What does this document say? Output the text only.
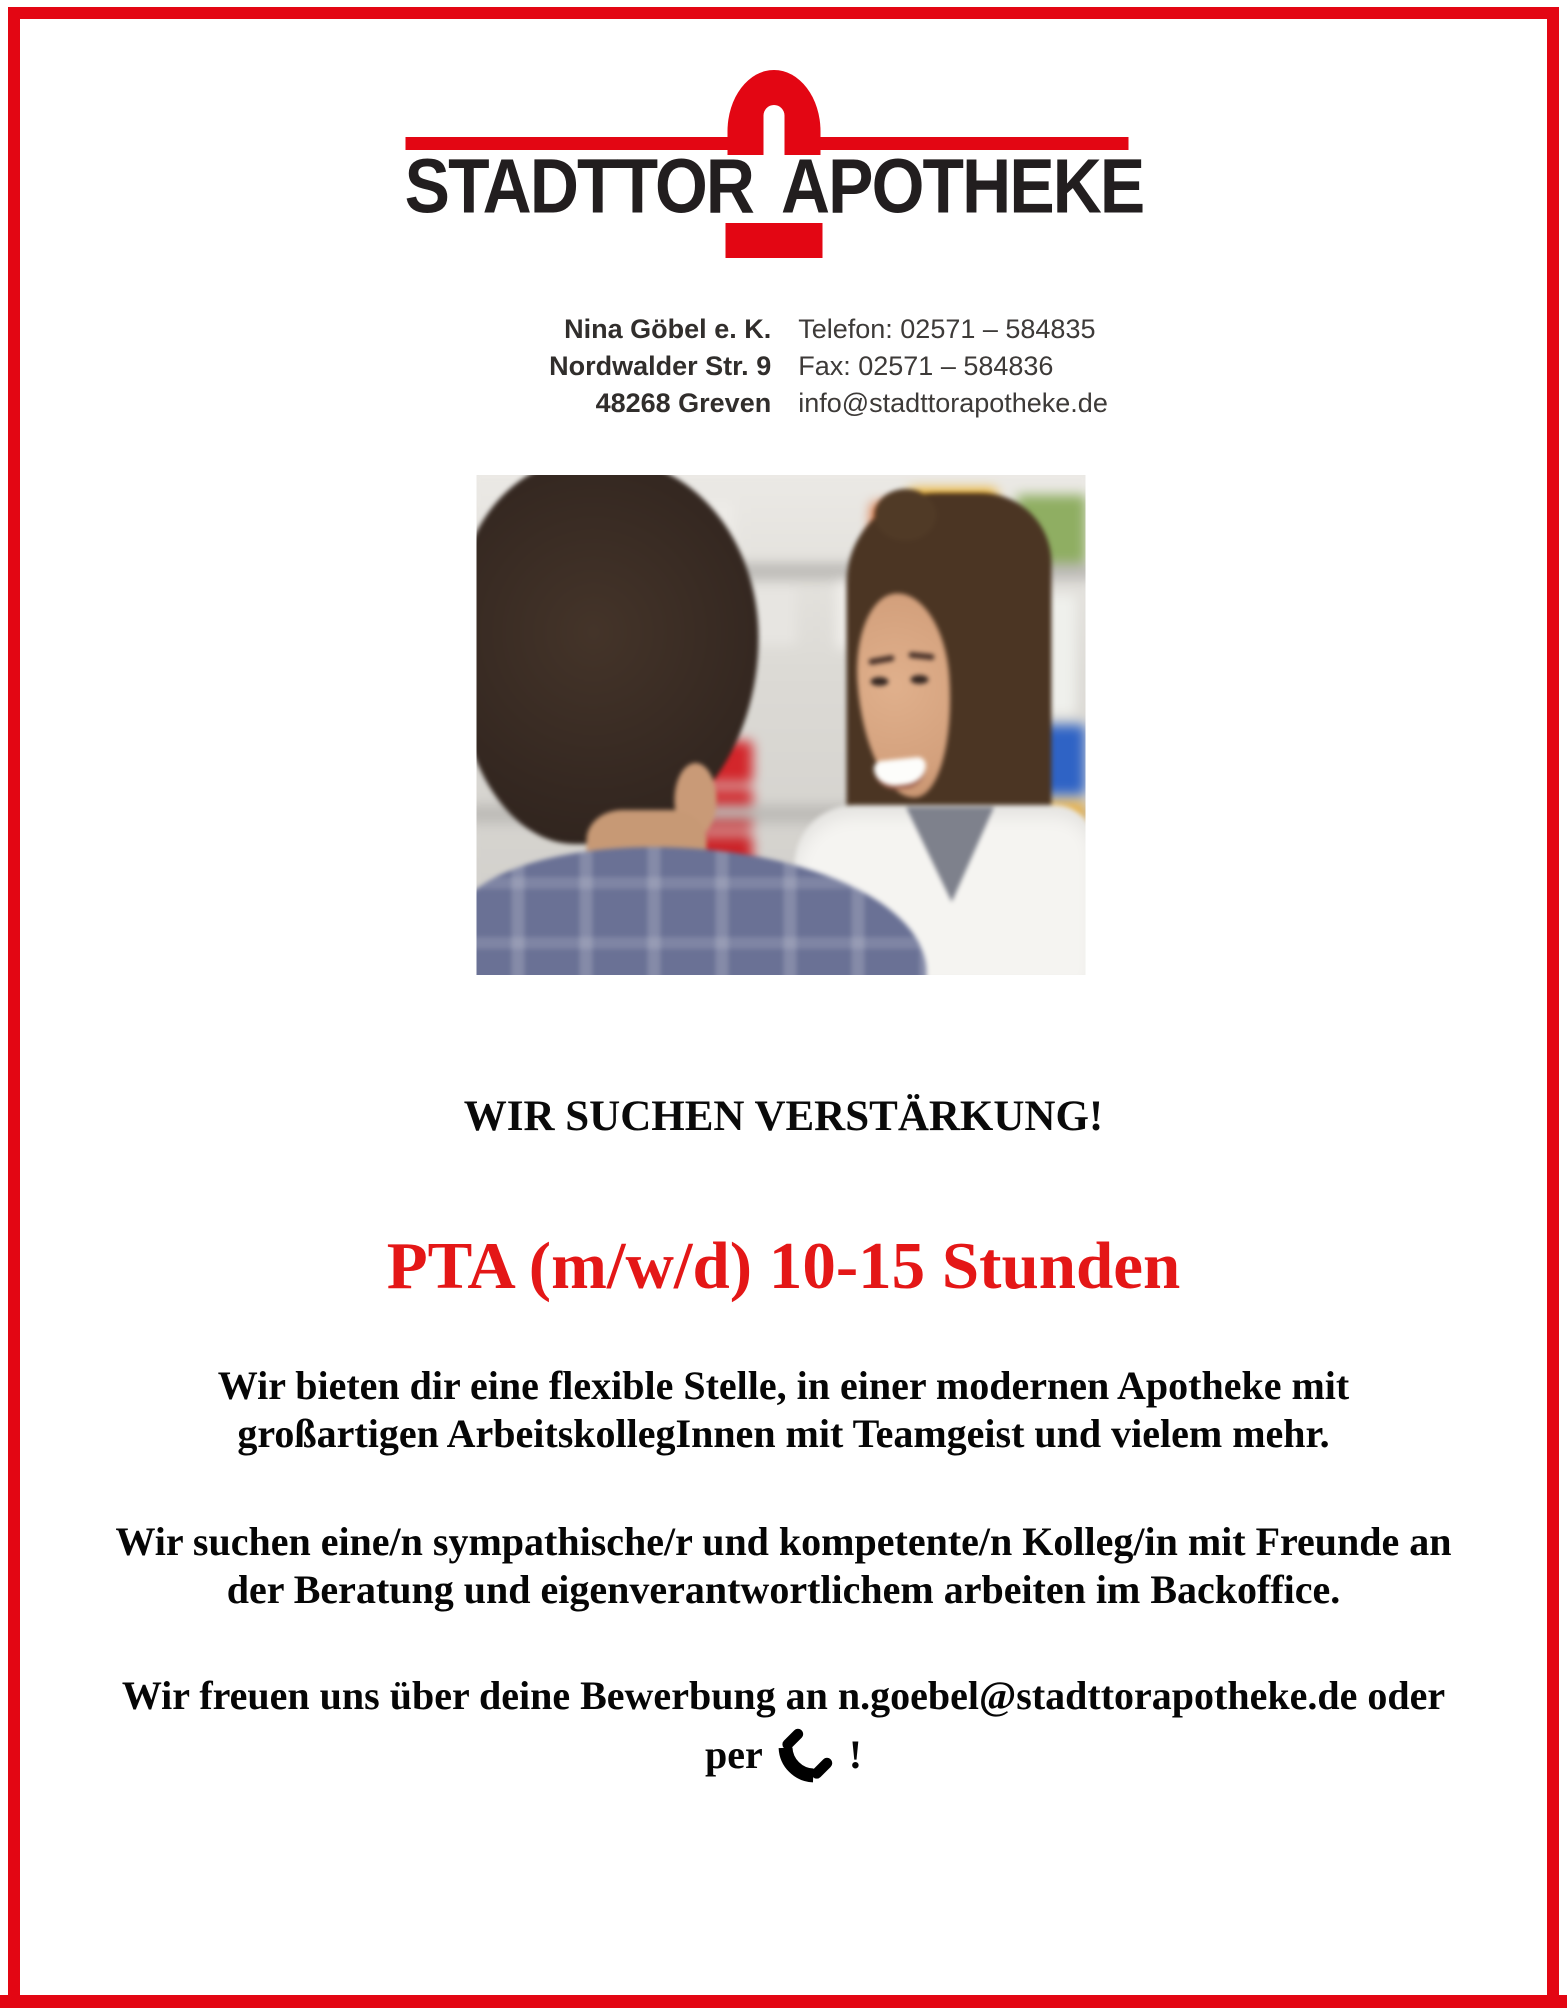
STADTTOR APOTHEKE
Nina Göbel e. K.
Nordwalder Str. 9
48268 Greven
Telefon: 02571 – 584835
Fax: 02571 – 584836
info@stadttorapotheke.de
WIR SUCHEN VERSTÄRKUNG!
PTA (m/w/d) 10-15 Stunden
Wir bieten dir eine flexible Stelle, in einer modernen Apotheke mit
großartigen ArbeitskollegInnen mit Teamgeist und vielem mehr.
Wir suchen eine/n sympathische/r und kompetente/n Kolleg/in mit Freunde an
der Beratung und eigenverantwortlichem arbeiten im Backoffice.
Wir freuen uns über deine Bewerbung an n.goebel@stadttorapotheke.de oder
per !
